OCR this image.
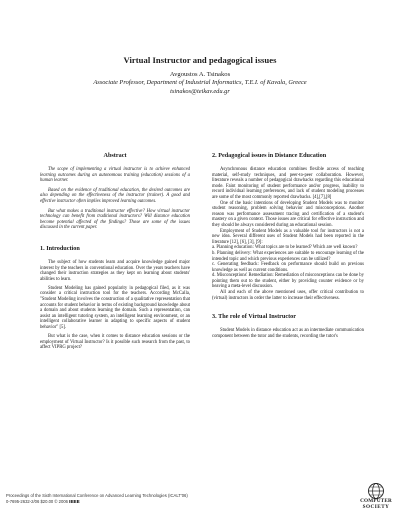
Virtual Instructor and pedagogical issues
Avgoustos A. Tsinakos
Associate Professor, Department of Industrial Informatics, T.E.I. of Kavala, Greece
tsinakos@teikav.edu.gr
Abstract

The scope of implementing a virtual instructor is to achieve enhanced learning outcomes during an autonomous training (education) sessions of a human learner.

Based on the evidence of traditional education, the desired outcomes are also depending on the effectiveness of the instructor (trainer). A good and effective instructor often implies improved learning outcomes.

But what makes a traditional instructor effective? How virtual instructor technology can benefit from traditional instructors? Will distance education become potential affected of the findings? Those are some of the issues discussed in the current paper.

1. Introduction

The subject of how students learn and acquire knowledge gained major interest by the teachers in conventional education. Over the years teachers have changed their instruction strategies as they kept on learning about students' abilities to learn.

Student Modeling has gained popularity in pedagogical filed, as it was consider a critical instruction tool for the teachers. According McCalla, "Student Modeling involves the construction of a qualitative representation that accounts for student behavior in terms of existing background knowledge about a domain and about students learning the domain. Such a representation, can assist an intelligent tutoring system, an intelligent learning environment, or an intelligent collaborative learner in adapting to specific aspects of student behavior" [5].

But what is the case, when it comes to distance education sessions or the employment of Virtual Instructor? Is it possible such research from the past, to affect VIPRG project?

2. Pedagogical issues in Distance Education

Asynchronous distance education combines flexible access of teaching material, self-study techniques, and peer-to-peer collaboration. However, literature reveals a number of pedagogical drawbacks regarding this educational mode. Faint monitoring of student performance and/or progress, inability to record individual learning preferences, and lack of student modeling processes are some of the most commonly reported drawbacks. [4],[7],[8]

One of the basic intentions of developing Student Models was to monitor student reasoning, problem solving behavior and misconceptions. Another reason was performance assessment tracing and certification of a student's mastery on a given context. Those issues are critical for effective instruction and they should be always considered during an educational session.

Employment of Student Models as a valuable tool for instructors is not a new idea. Several different uses of Student Models had been reported in the literature [12], [6], [3], [9]:

a. Planning education: What topics are to be learned? Which are well known?

b. Planning delivery: What experiences are suitable to encourage learning of the intended topic and which previous experiences can be utilized?

c. Generating feedback: Feedback on performance should build on previous knowledge as well as current conditions.

d. Misconceptions' Remediation: Remediation of misconceptions can be done by pointing them out to the student, either by providing counter evidence or by heaving a meta-level discussion.

All and each of the above mentioned uses, offer critical contribution to (virtual) instructors in order the latter to increase their effectiveness.

3. The role of Virtual Instructor

Student Models in distance education act as an intermediate communication component between the tutor and the students, recording the tutor's

Proceedings of the Sixth International Conference on Advanced Learning Technologies (ICALT'06)
0-7695-2632-2/06 $20.00 © 2006 IEEE	COMPUTER
SOCIETY
